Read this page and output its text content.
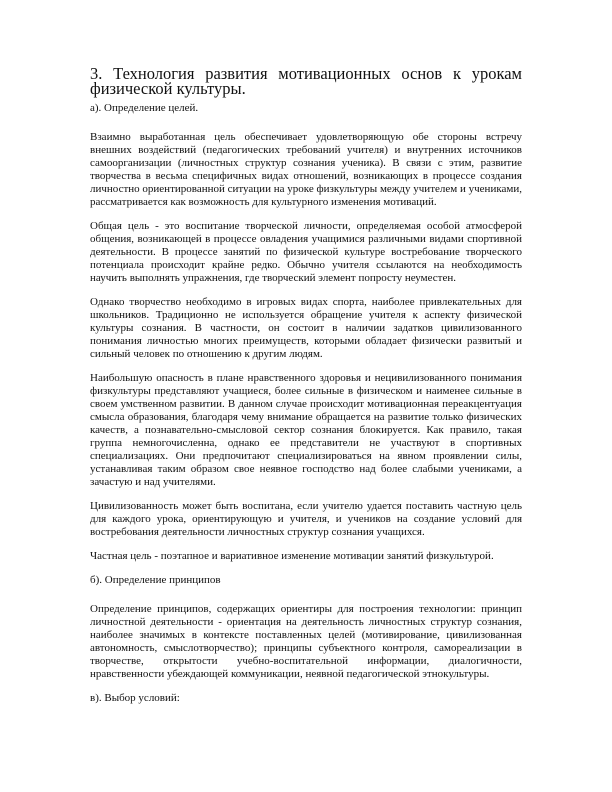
3. Технология развития мотивационных основ к урокам физической культуры.

а). Определение целей.

Взаимно выработанная цель обеспечивает удовлетворяющую обе стороны встречу внешних воздействий (педагогических требований учителя) и внутренних источников самоорганизации (личностных структур сознания ученика). В связи с этим, развитие творчества в весьма специфичных видах отношений, возникающих в процессе создания личностно ориентированной ситуации на уроке физкультуры между учителем и учениками, рассматривается как возможность для культурного изменения мотиваций.

Общая цель - это воспитание творческой личности, определяемая особой атмосферой общения, возникающей в процессе овладения учащимися различными видами спортивной деятельности. В процессе занятий по физической культуре востребование творческого потенциала происходит крайне редко. Обычно учителя ссылаются на необходимость научить выполнять упражнения, где творческий элемент попросту неуместен.

Однако творчество необходимо в игровых видах спорта, наиболее привлекательных для школьников. Традиционно не используется обращение учителя к аспекту физической культуры сознания. В частности, он состоит в наличии задатков цивилизованного понимания личностью многих преимуществ, которыми обладает физически развитый и сильный человек по отношению к другим людям.

Наибольшую опасность в плане нравственного здоровья и нецивилизованного понимания физкультуры представляют учащиеся, более сильные в физическом и наименее сильные в своем умственном развитии. В данном случае происходит мотивационная переакцентуация смысла образования, благодаря чему внимание обращается на развитие только физических качеств, а познавательно-смысловой сектор сознания блокируется. Как правило, такая группа немногочисленна, однако ее представители не участвуют в спортивных специализациях. Они предпочитают специализироваться на явном проявлении силы, устанавливая таким образом свое неявное господство над более слабыми учениками, а зачастую и над учителями.

Цивилизованность может быть воспитана, если учителю удается поставить частную цель для каждого урока, ориентирующую и учителя, и учеников на создание условий для востребования деятельности личностных структур сознания учащихся.

Частная цель - поэтапное и вариативное изменение мотивации занятий физкультурой.

б). Определение принципов

Определение принципов, содержащих ориентиры для построения технологии: принцип личностной деятельности - ориентация на деятельность личностных структур сознания, наиболее значимых в контексте поставленных целей (мотивирование, цивилизованная автономность, смыслотворчество); принципы субъектного контроля, самореализации в творчестве, открытости учебно-воспитательной информации, диалогичности, нравственности убеждающей коммуникации, неявной педагогической этнокультуры.

в). Выбор условий:
